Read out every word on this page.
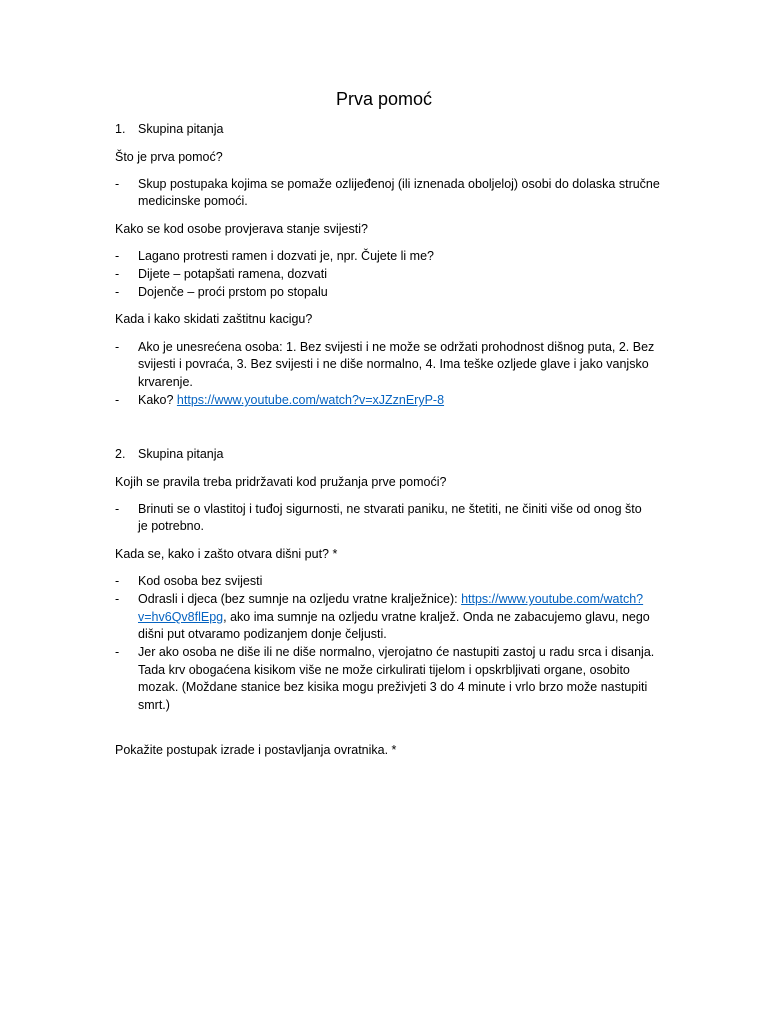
Prva pomoć
1. Skupina pitanja
Što je prva pomoć?
- Skup postupaka kojima se pomaže ozlijeđenoj (ili iznenada oboljeloj) osobi do dolaska stručne
medicinske pomoći.
Kako se kod osobe provjerava stanje svijesti?
- Lagano protresti ramen i dozvati je, npr. Čujete li me?
- Dijete – potapšati ramena, dozvati
- Dojenče – proći prstom po stopalu
Kada i kako skidati zaštitnu kacigu?
- Ako je unesrećena osoba: 1. Bez svijesti i ne može se održati prohodnost dišnog puta, 2. Bez
svijesti i povraća, 3. Bez svijesti i ne diše normalno, 4. Ima teške ozljede glave i jako vanjsko
krvarenje.
- Kako? https://www.youtube.com/watch?v=xJZznEryP-8
2. Skupina pitanja
Kojih se pravila treba pridržavati kod pružanja prve pomoći?
- Brinuti se o vlastitoj i tuđoj sigurnosti, ne stvarati paniku, ne štetiti, ne činiti više od onog što
je potrebno.
Kada se, kako i zašto otvara dišni put? *
- Kod osoba bez svijesti
- Odrasli i djeca (bez sumnje na ozljedu vratne kralježnice): https://www.youtube.com/watch?
v=hv6Qv8flEpg, ako ima sumnje na ozljedu vratne kraljež. Onda ne zabacujemo glavu, nego
dišni put otvaramo podizanjem donje čeljusti.
- Jer ako osoba ne diše ili ne diše normalno, vjerojatno će nastupiti zastoj u radu srca i disanja.
Tada krv obogaćena kisikom više ne može cirkulirati tijelom i opskrbljivati organe, osobito
mozak. (Moždane stanice bez kisika mogu preživjeti 3 do 4 minute i vrlo brzo može nastupiti
smrt.)
Pokažite postupak izrade i postavljanja ovratnika. *
